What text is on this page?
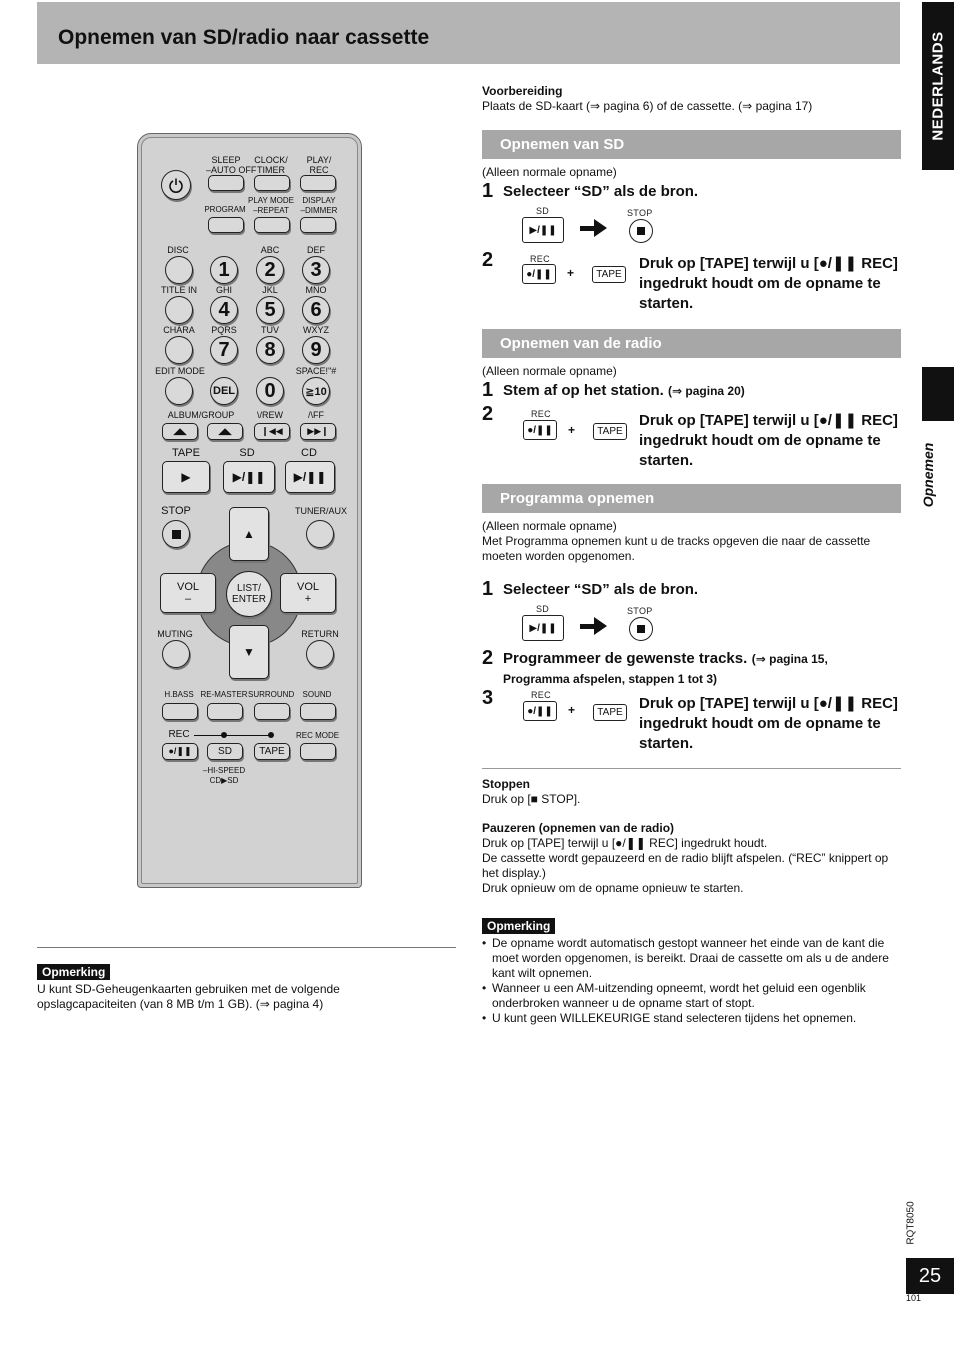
Opnemen van SD/radio naar cassette	NEDERLANDS
Opnemen
SLEEP
–AUTO OFF
CLOCK/
TIMER
PLAY/
REC
PROGRAM
PLAY MODE
–REPEAT
DISPLAY
–DIMMER
DISC	ABC	DEF
1	2	3
TITLE IN	GHI	JKL	MNO
4	5	6
CHARA	PQRS	TUV	WXYZ
7	8	9
EDIT MODE	SPACE!"#
DEL	0	≧10
ALBUM/GROUP	\/REW	/\FF
◢◣	◢◣	❙◀◀	▶▶❙
TAPE	SD	CD
▶	▶/❚❚	▶/❚❚
STOP	TUNER/AUX
▲
▼
VOL
–
VOL
+
LIST/
ENTER
MUTING	RETURN
H.BASS RE-MASTER SURROUND	SOUND
REC	REC MODE
●/❚❚	SD	TAPE
–HI-SPEED
CD▶SD
Opmerking
U kunt SD-Geheugenkaarten gebruiken met de volgende opslagcapaciteiten (van 8 MB t/m 1 GB). (⇒ pagina 4)
Voorbereiding
Plaats de SD-kaart (⇒ pagina 6) of de cassette. (⇒ pagina 17)
Opnemen van SD
(Alleen normale opname)
1 Selecteer “SD” als de bron.
SD
▶/❚❚
STOP
2	REC
●/❚❚	+	TAPE
Druk op [TAPE] terwijl u [●/❚❚ REC] ingedrukt houdt om de opname te starten.
Opnemen van de radio
(Alleen normale opname)
1 Stem af op het station. (⇒ pagina 20)
2	REC
●/❚❚	+	TAPE
Druk op [TAPE] terwijl u [●/❚❚ REC] ingedrukt houdt om de opname te starten.
Programma opnemen
(Alleen normale opname)
Met Programma opnemen kunt u de tracks opgeven die naar de cassette moeten worden opgenomen.
1 Selecteer “SD” als de bron.
SD
▶/❚❚
STOP
2 Programmeer de gewenste tracks. (⇒ pagina 15, Programma afspelen, stappen 1 tot 3)
3	REC
●/❚❚	+	TAPE
Druk op [TAPE] terwijl u [●/❚❚ REC] ingedrukt houdt om de opname te starten.
Stoppen
Druk op [■ STOP].
Pauzeren (opnemen van de radio)
Druk op [TAPE] terwijl u [●/❚❚ REC] ingedrukt houdt.
De cassette wordt gepauzeerd en de radio blijft afspelen. (“REC” knippert op het display.)
Druk opnieuw om de opname opnieuw te starten.
Opmerking
• De opname wordt automatisch gestopt wanneer het einde van de kant die moet worden opgenomen, is bereikt. Draai de cassette om als u de andere kant wilt opnemen.
• Wanneer u een AM-uitzending opneemt, wordt het geluid een ogenblik onderbroken wanneer u de opname start of stopt.
• U kunt geen WILLEKEURIGE stand selecteren tijdens het opnemen.
RQT8050
25
101
